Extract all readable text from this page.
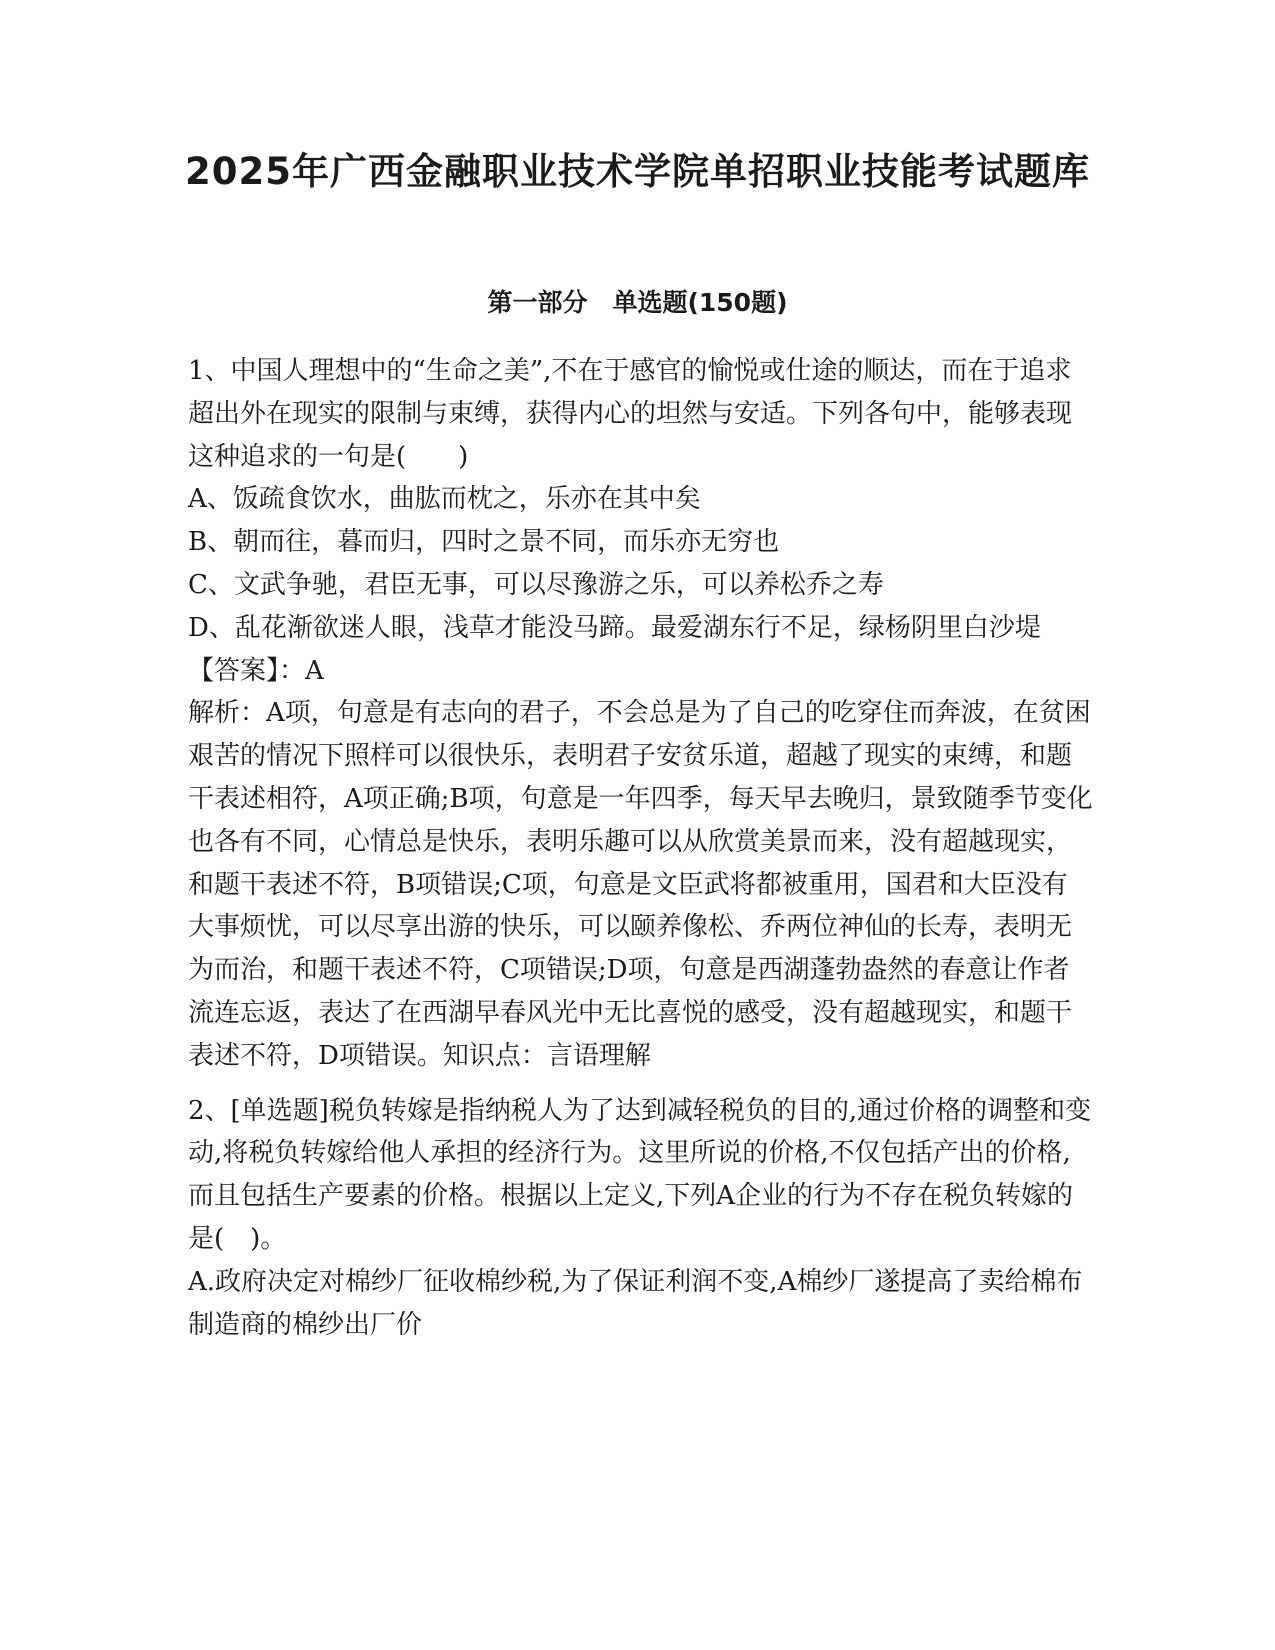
2025年广西金融职业技术学院单招职业技能考试题库
第一部分　单选题(150题)

1、中国人理想中的“生命之美”,不在于感官的愉悦或仕途的顺达，而在于追求超出外在现实的限制与束缚，获得内心的坦然与安适。下列各句中，能够表现这种追求的一句是(　　)

A、饭疏食饮水，曲肱而枕之，乐亦在其中矣

B、朝而往，暮而归，四时之景不同，而乐亦无穷也

C、文武争驰，君臣无事，可以尽豫游之乐，可以养松乔之寿

D、乱花渐欲迷人眼，浅草才能没马蹄。最爱湖东行不足，绿杨阴里白沙堤

【答案】：A

解析：A项，句意是有志向的君子，不会总是为了自己的吃穿住而奔波，在贫困艰苦的情况下照样可以很快乐，表明君子安贫乐道，超越了现实的束缚，和题干表述相符，A项正确;B项，句意是一年四季，每天早去晚归，景致随季节变化也各有不同，心情总是快乐，表明乐趣可以从欣赏美景而来，没有超越现实，和题干表述不符，B项错误;C项，句意是文臣武将都被重用，国君和大臣没有大事烦忧，可以尽享出游的快乐，可以颐养像松、乔两位神仙的长寿，表明无为而治，和题干表述不符，C项错误;D项，句意是西湖蓬勃盎然的春意让作者流连忘返，表达了在西湖早春风光中无比喜悦的感受，没有超越现实，和题干表述不符，D项错误。知识点：言语理解

2、[单选题]税负转嫁是指纳税人为了达到减轻税负的目的,通过价格的调整和变动,将税负转嫁给他人承担的经济行为。这里所说的价格,不仅包括产出的价格,而且包括生产要素的价格。根据以上定义,下列A企业的行为不存在税负转嫁的是(　)。

A.政府决定对棉纱厂征收棉纱税,为了保证利润不变,A棉纱厂遂提高了卖给棉布制造商的棉纱出厂价
